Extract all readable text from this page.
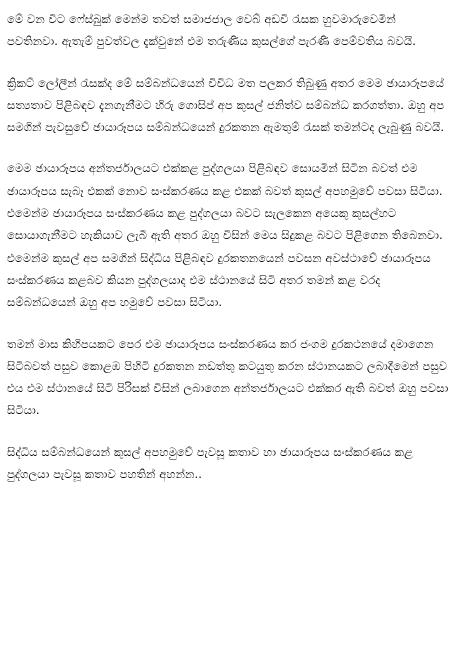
මේ වන විට ෆේස්බුක් මෙන්ම තවත් සමාජජාල වෙබ් අඩවි රැසක හුවමාරුවෙමින් පවතිනවා. ඇතැම් පුවත්වල දැක්වුනේ එම තරුණිය කුසල්ගේ පැරණි පෙම්වතිය බවයි.

ක්‍රිකට් ලෝලීන් රැසක්ද මේ සම්බන්ධයෙන් විවිධ මත පලකර තිබුණු අතර මෙම ඡායාරූපයේ සත්‍යතාව පිළිබඳව දැනගැනීමට හිරු ගොසිප් අප කුසල් ජනිත්ව සම්බන්ධ කරගත්තා. ඔහු අප සමගින් පැවසුවේ ඡායාරූපය සම්බන්ධයෙන් දුරකතන ඇමතුම් රැසක් තමන්ටද ලැබුණු බවයි.

මෙම ඡායාරූපය අන්තර්ජාලයට එක්කළ පුද්ගලයා පිළිබඳව සොයමින් සිටින බවත් එම ඡායාරූපය සැබෑ එකක් නොව සංස්කරණය කළ එකක් බවත් කුසල් අපහමුවේ පවසා සිටියා. එමෙන්ම ඡායාරූපය සංස්කරණය කළ පුද්ගලයා බවට සැලකෙන අයෙකු කුසල්හට සොයාගැනීමට හැකියාව ලැබී ඇති අතර ඔහු විසින් මෙය සිදුකළ බවට පිළිගෙන තිබෙනවා. එමෙන්ම කුසල් අප සමගින් සිද්ධිය පිළිබඳව දුරකතනයෙන් පවසන අවස්ථාවේ ඡායාරූපය සංස්කරණය කළබව කියන පුද්ගලයාද එම ස්ථානයේ සිටි අතර තමන් කළ වරද සම්බන්ධයෙන් ඔහු අප හමුවේ පවසා සිටියා.

තමන් මාස කිහිපයකට පෙර එම ඡායාරූපය සංස්කරණය කර ජංගම දුරකථනයේ දමාගෙන සිටිබවත් පසුව කොළඹ පිහිටි දුරකතන නඩත්තු කටයුතු කරන ස්ථානයකට ලබාදීමෙන් පසුව එය එම ස්ථානයේ සිටි පිරිසක් විසින් ලබාගෙන අන්තර්ජාලයට එක්කර ඇති බවත් ඔහු පවසා සිටියා.

සිද්ධිය සම්බන්ධයෙන් කුසල් අපහමුවේ පැවසූ කතාව හා ඡායාරූපය සංස්කරණය කළ පුද්ගලයා පැවසූ කතාව පහතින් අහන්න..
